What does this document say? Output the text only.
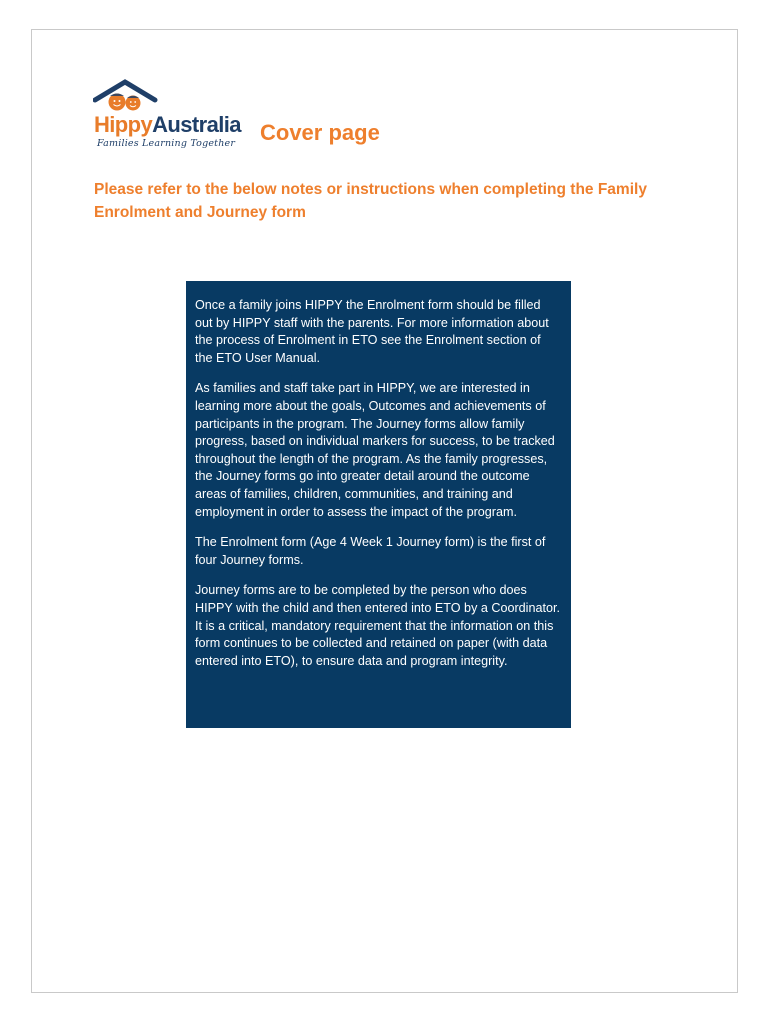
HippyAustralia
Families Learning Together Cover page
Please refer to the below notes or instructions when completing the Family Enrolment and Journey form

Once a family joins HIPPY the Enrolment form should be filled out by HIPPY staff with the parents. For more information about the process of Enrolment in ETO see the Enrolment section of the ETO User Manual.

As families and staff take part in HIPPY, we are interested in learning more about the goals, Outcomes and achievements of participants in the program. The Journey forms allow family progress, based on individual markers for success, to be tracked throughout the length of the program. As the family progresses, the Journey forms go into greater detail around the outcome areas of families, children, communities, and training and employment in order to assess the impact of the program.

The Enrolment form (Age 4 Week 1 Journey form) is the first of four Journey forms.

Journey forms are to be completed by the person who does HIPPY with the child and then entered into ETO by a Coordinator. It is a critical, mandatory requirement that the information on this form continues to be collected and retained on paper (with data entered into ETO), to ensure data and program integrity.
